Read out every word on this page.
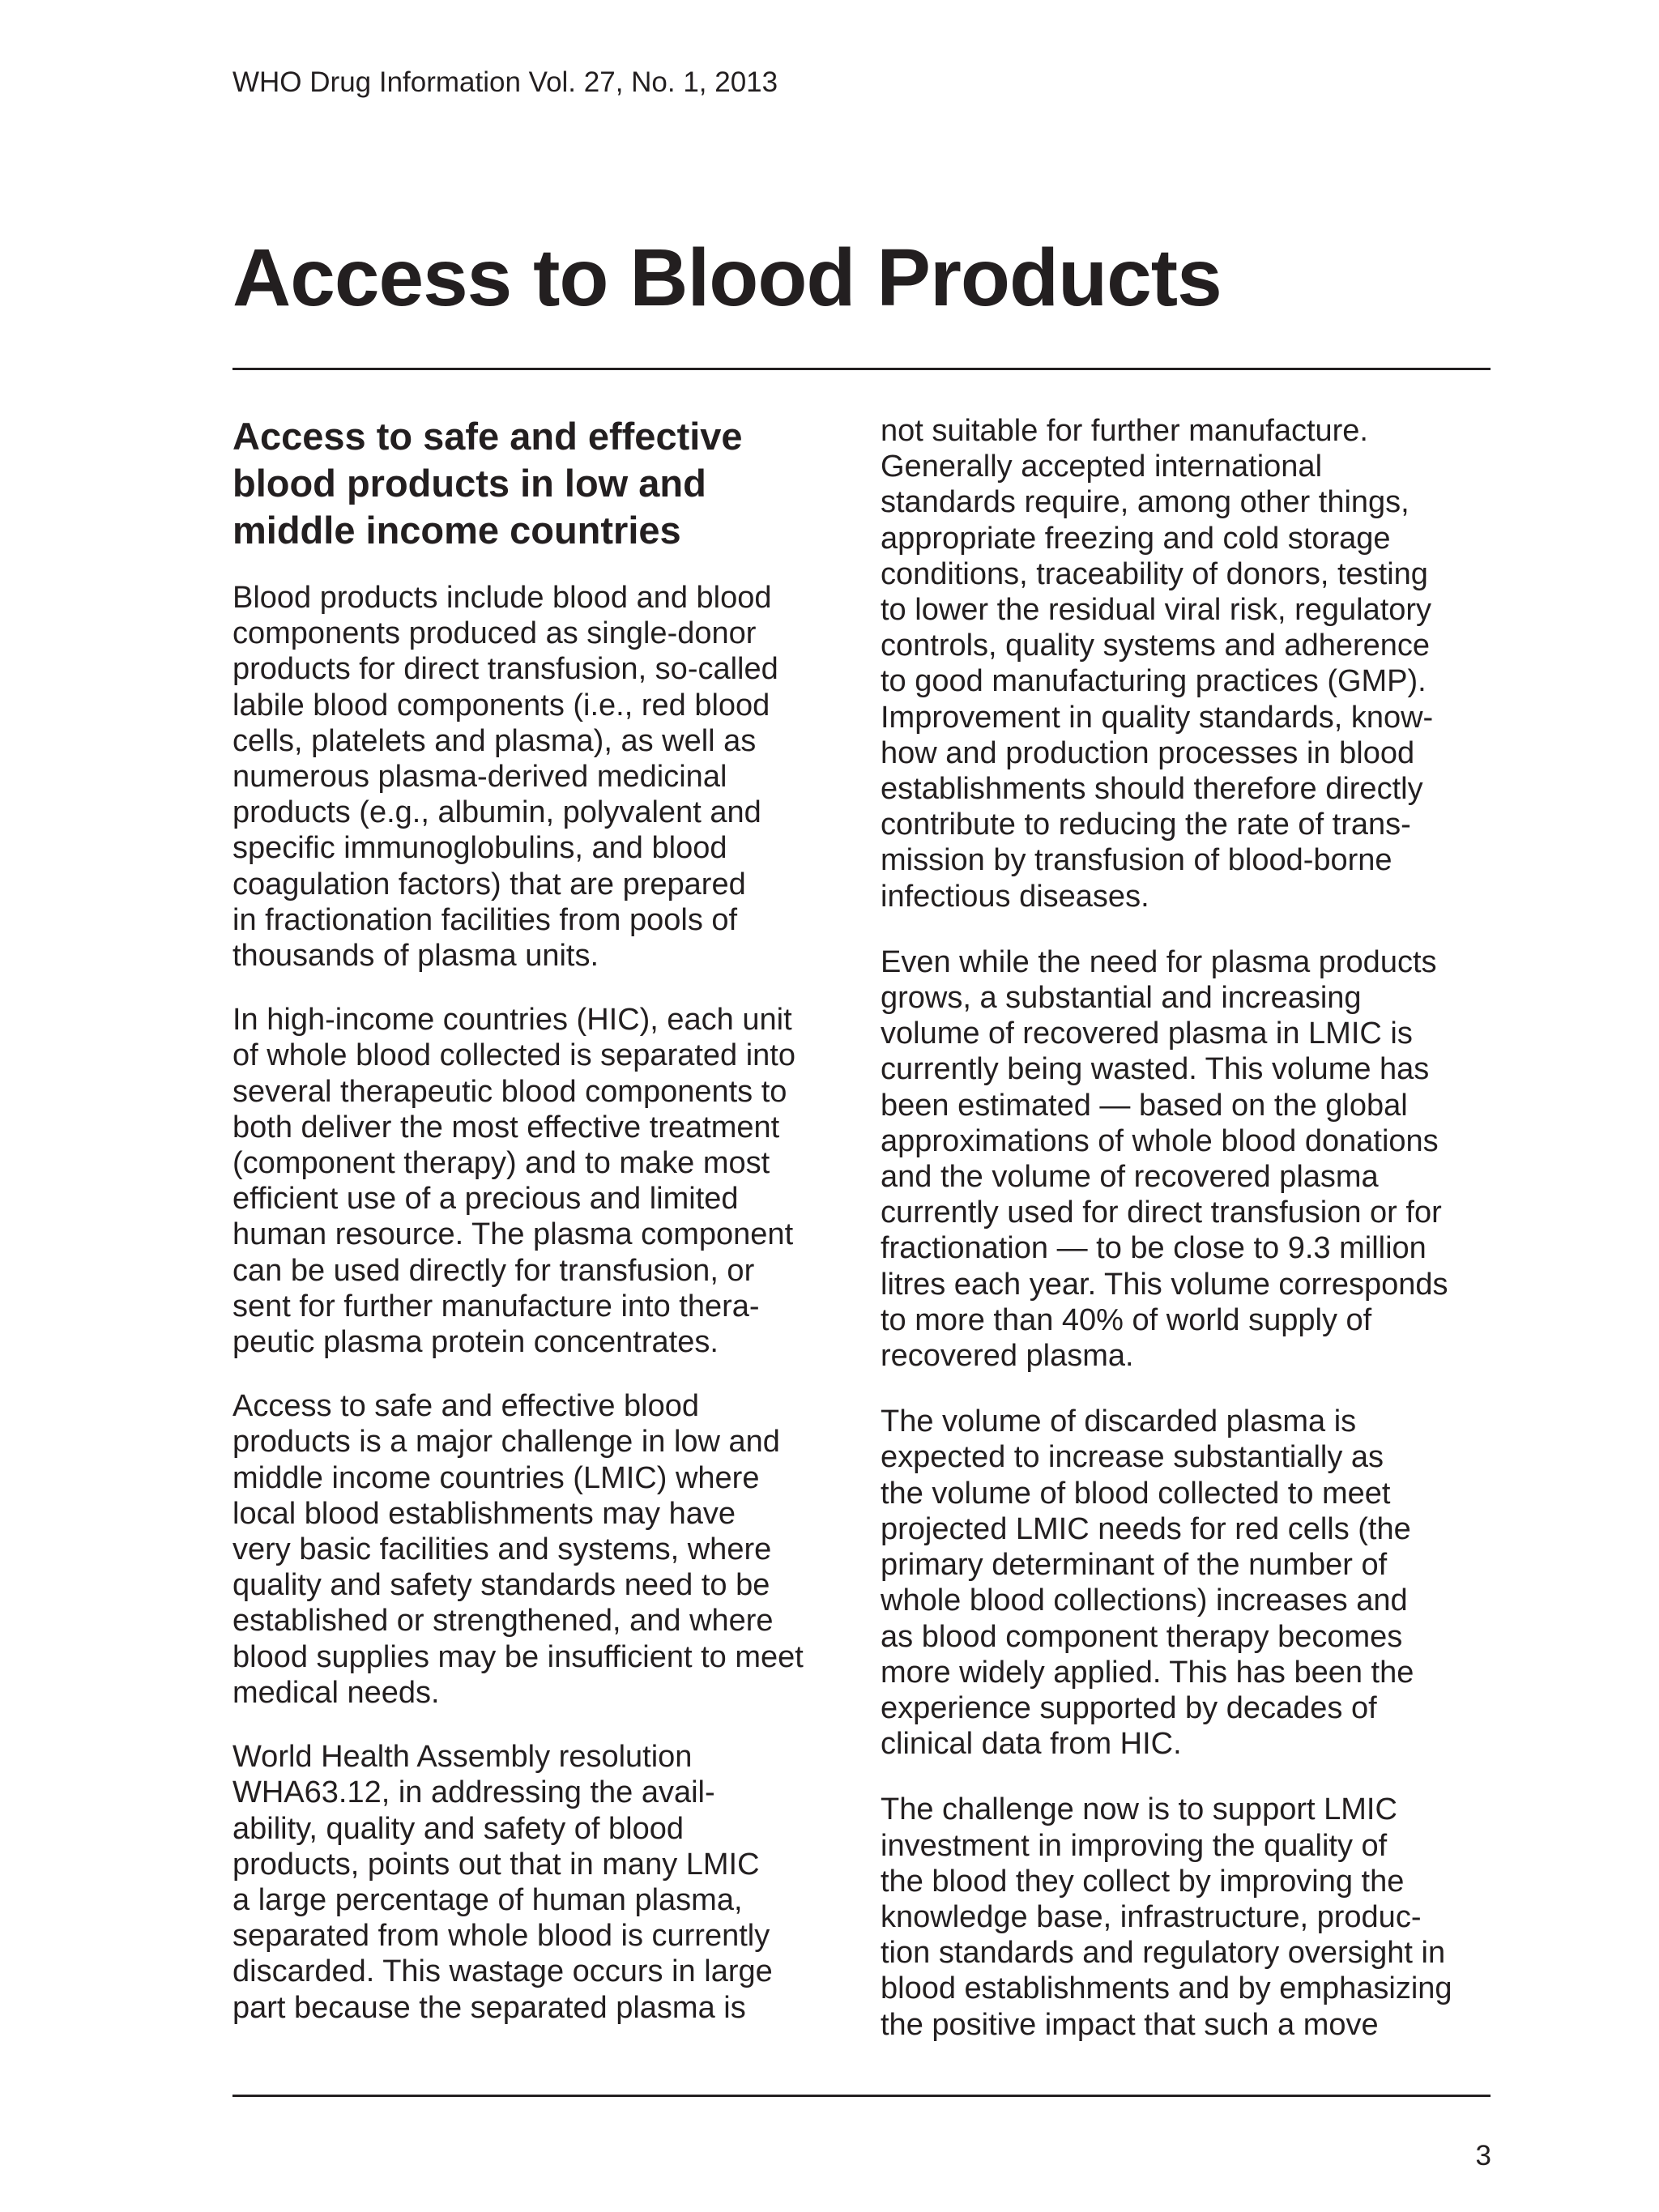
WHO Drug Information Vol. 27, No. 1, 2013
Access to Blood Products
Access to safe and effective
blood products in low and
middle income countries

Blood products include blood and blood
components produced as single-donor
products for direct transfusion, so-called
labile blood components (i.e., red blood
cells, platelets and plasma), as well as
numerous plasma-derived medicinal
products (e.g., albumin, polyvalent and
specific immunoglobulins, and blood
coagulation factors) that are prepared
in fractionation facilities from pools of
thousands of plasma units.

In high-income countries (HIC), each unit
of whole blood collected is separated into
several therapeutic blood components to
both deliver the most effective treatment
(component therapy) and to make most
efficient use of a precious and limited
human resource. The plasma component
can be used directly for transfusion, or
sent for further manufacture into thera-
peutic plasma protein concentrates.

Access to safe and effective blood
products is a major challenge in low and
middle income countries (LMIC) where
local blood establishments may have
very basic facilities and systems, where
quality and safety standards need to be
established or strengthened, and where
blood supplies may be insufficient to meet
medical needs.

World Health Assembly resolution
WHA63.12, in addressing the avail-
ability, quality and safety of blood
products, points out that in many LMIC
a large percentage of human plasma,
separated from whole blood is currently
discarded. This wastage occurs in large
part because the separated plasma is

not suitable for further manufacture.
Generally accepted international
standards require, among other things,
appropriate freezing and cold storage
conditions, traceability of donors, testing
to lower the residual viral risk, regulatory
controls, quality systems and adherence
to good manufacturing practices (GMP).
Improvement in quality standards, know-
how and production processes in blood
establishments should therefore directly
contribute to reducing the rate of trans-
mission by transfusion of blood-borne
infectious diseases.

Even while the need for plasma products
grows, a substantial and increasing
volume of recovered plasma in LMIC is
currently being wasted. This volume has
been estimated — based on the global
approximations of whole blood donations
and the volume of recovered plasma
currently used for direct transfusion or for
fractionation — to be close to 9.3 million
litres each year. This volume corresponds
to more than 40% of world supply of
recovered plasma.

The volume of discarded plasma is
expected to increase substantially as
the volume of blood collected to meet
projected LMIC needs for red cells (the
primary determinant of the number of
whole blood collections) increases and
as blood component therapy becomes
more widely applied. This has been the
experience supported by decades of
clinical data from HIC.

The challenge now is to support LMIC
investment in improving the quality of
the blood they collect by improving the
knowledge base, infrastructure, produc-
tion standards and regulatory oversight in
blood establishments and by emphasizing
the positive impact that such a move

3
